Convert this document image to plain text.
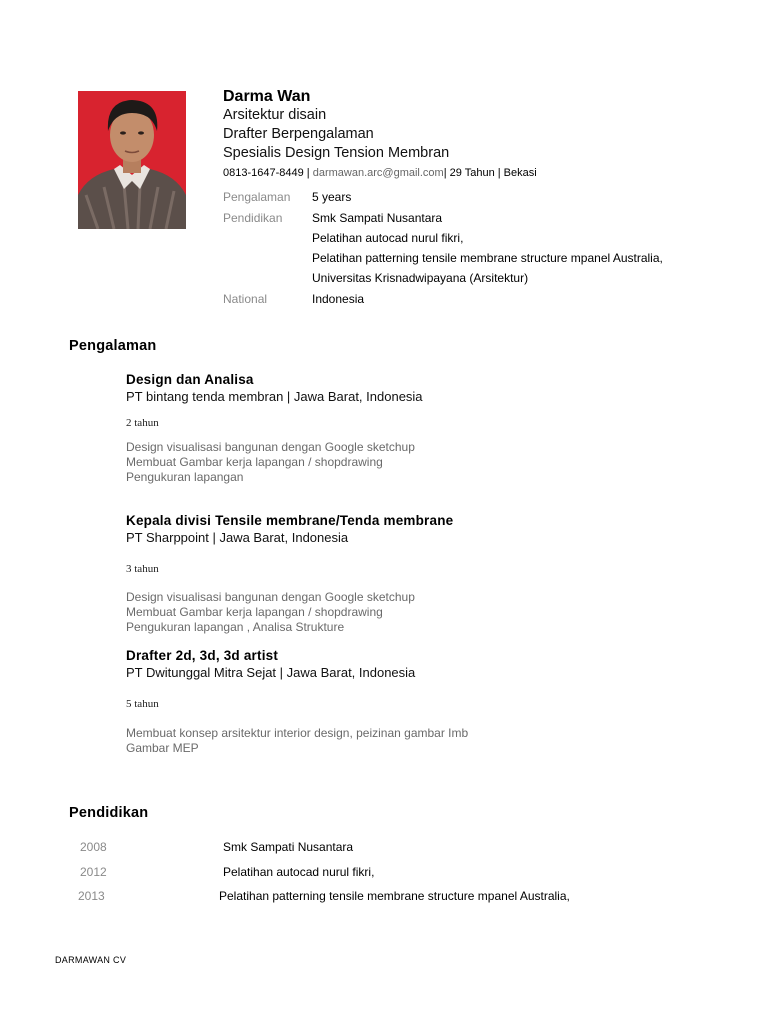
Darma Wan
Arsitektur disain
Drafter Berpengalaman
Spesialis Design Tension Membran
0813-1647-8449 | darmawan.arc@gmail.com| 29 Tahun | Bekasi
Pengalaman 5 years
Pendidikan Smk Sampati Nusantara
Pelatihan autocad nurul fikri,
Pelatihan patterning tensile membrane structure mpanel Australia,
Universitas Krisnadwipayana (Arsitektur)
National	Indonesia
Pengalaman
Design dan Analisa
PT bintang tenda membran | Jawa Barat, Indonesia
2 tahun
Design visualisasi bangunan dengan Google sketchup
Membuat Gambar kerja lapangan / shopdrawing
Pengukuran lapangan
Kepala divisi Tensile membrane/Tenda membrane
PT Sharppoint | Jawa Barat, Indonesia
3 tahun
Design visualisasi bangunan dengan Google sketchup
Membuat Gambar kerja lapangan / shopdrawing
Pengukuran lapangan , Analisa Strukture
Drafter 2d, 3d, 3d artist
PT Dwitunggal Mitra Sejat | Jawa Barat, Indonesia
5 tahun
Membuat konsep arsitektur interior design, peizinan gambar Imb
Gambar MEP
Pendidikan
2008	Smk Sampati Nusantara
2012	Pelatihan autocad nurul fikri,
2013	Pelatihan patterning tensile membrane structure mpanel Australia,
DARMAWAN CV
